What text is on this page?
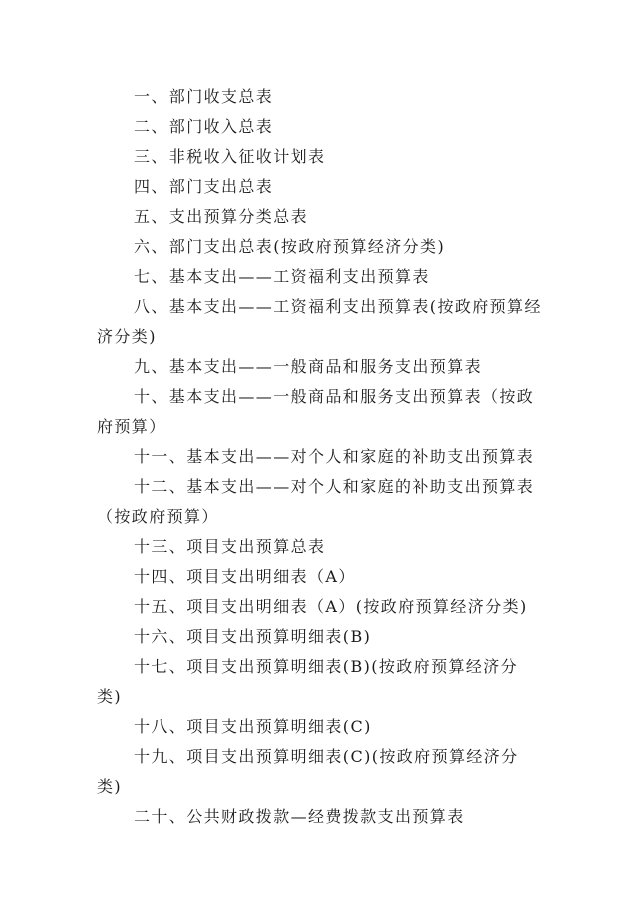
一、部门收支总表

二、部门收入总表

三、非税收入征收计划表

四、部门支出总表

五、支出预算分类总表

六、部门支出总表(按政府预算经济分类)

七、基本支出——工资福利支出预算表

八、基本支出——工资福利支出预算表(按政府预算经济分类)

九、基本支出——一般商品和服务支出预算表

十、基本支出——一般商品和服务支出预算表（按政府预算）

十一、基本支出——对个人和家庭的补助支出预算表

十二、基本支出——对个人和家庭的补助支出预算表（按政府预算）

十三、项目支出预算总表

十四、项目支出明细表（A）

十五、项目支出明细表（A）(按政府预算经济分类)

十六、项目支出预算明细表(B)

十七、项目支出预算明细表(B)(按政府预算经济分类)

十八、项目支出预算明细表(C)

十九、项目支出预算明细表(C)(按政府预算经济分类)

二十、公共财政拨款—经费拨款支出预算表
